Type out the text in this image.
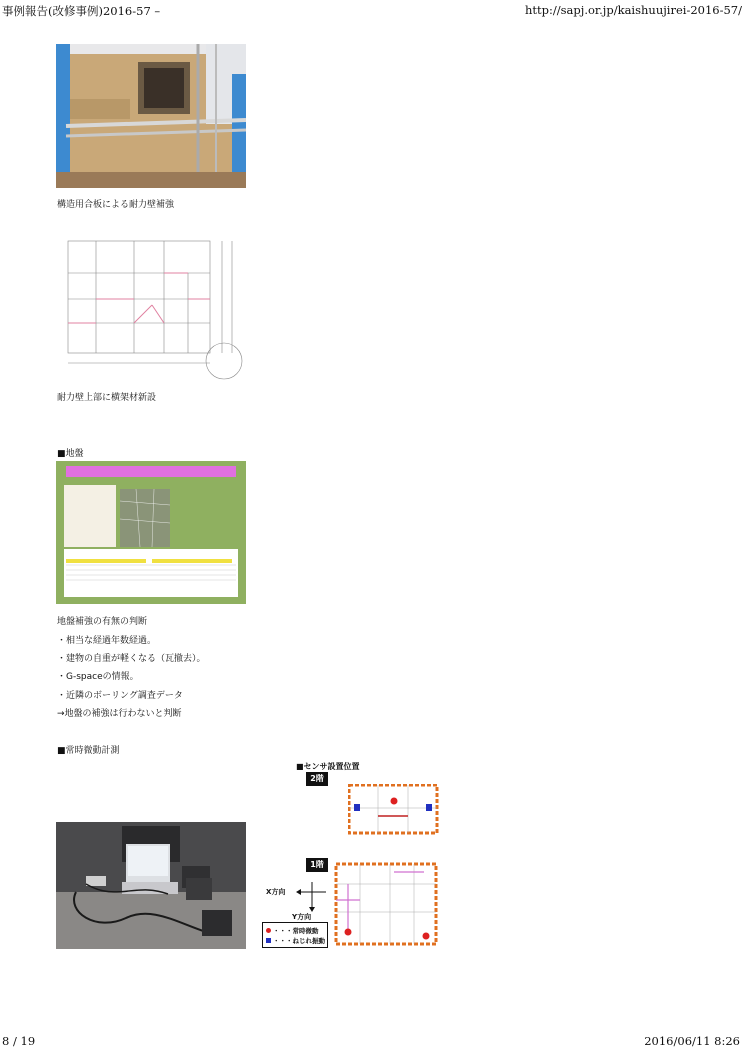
事例報告(改修事例)2016-57 –	http://sapj.or.jp/kaishuujirei-2016-57/
構造用合板による耐力壁補強
耐力壁上部に横架材新設
■地盤
地盤補強の有無の判断
・相当な経過年数経過。
・建物の自重が軽くなる（瓦撤去）。
・G-spaceの情報。
・近隣のボーリング調査データ
→地盤の補強は行わないと判断
■常時微動計測
■センサ設置位置
2階
1階
X方向
Y方向
・・・常時微動
・・・ねじれ振動
8 / 19	2016/06/11 8:26
